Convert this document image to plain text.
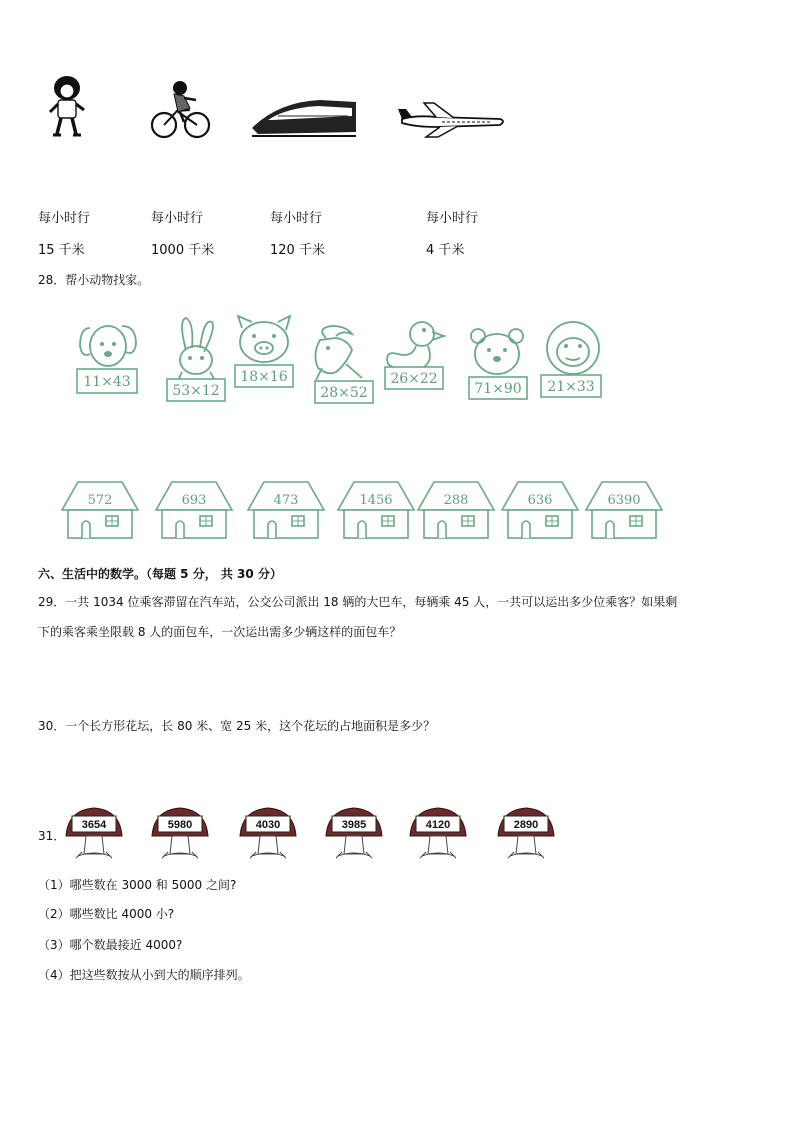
每小时行	每小时行	每小时行	每小时行
15 千米	1000 千米	120 千米	4 千米
28．帮小动物找家。
11×43
53×12
18×16
28×52
26×22
71×90 21×33
572	693	473	1456	288	636	6390
六、生活中的数学。（每题 5 分， 共 30 分）
29．一共 1034 位乘客滞留在汽车站，公交公司派出 18 辆的大巴车，每辆乘 45 人，一共可以运出多少位乘客？如果剩
下的乘客乘坐限载 8 人的面包车，一次运出需多少辆这样的面包车？
30．一个长方形花坛，长 80 米、宽 25 米，这个花坛的占地面积是多少？
31．
3654	5980	4030	3985	4120	2890
（1）哪些数在 3000 和 5000 之间?
（2）哪些数比 4000 小?
（3）哪个数最接近 4000?
（4）把这些数按从小到大的顺序排列。
